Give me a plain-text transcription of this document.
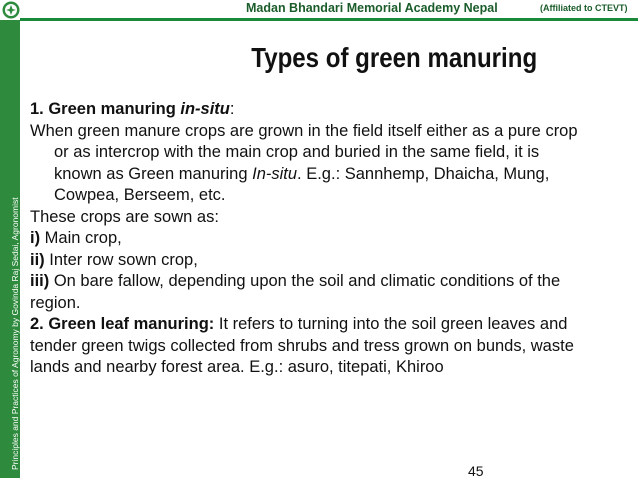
Madan Bhandari Memorial Academy Nepal	(Affiliated to CTEVT)
Principles and Practices of Agronomy by Govinda Raj Sedai, Agronomist
Types of green manuring

1. Green manuring in-situ:

When green manure crops are grown in the field itself either as a pure crop

or as intercrop with the main crop and buried in the same field, it is

known as Green manuring In-situ. E.g.: Sannhemp, Dhaicha, Mung,

Cowpea, Berseem, etc.

These crops are sown as:

i) Main crop,

ii) Inter row sown crop,

iii) On bare fallow, depending upon the soil and climatic conditions of the

region.

2. Green leaf manuring: It refers to turning into the soil green leaves and

tender green twigs collected from shrubs and tress grown on bunds, waste

lands and nearby forest area. E.g.: asuro, titepati, Khiroo

45
